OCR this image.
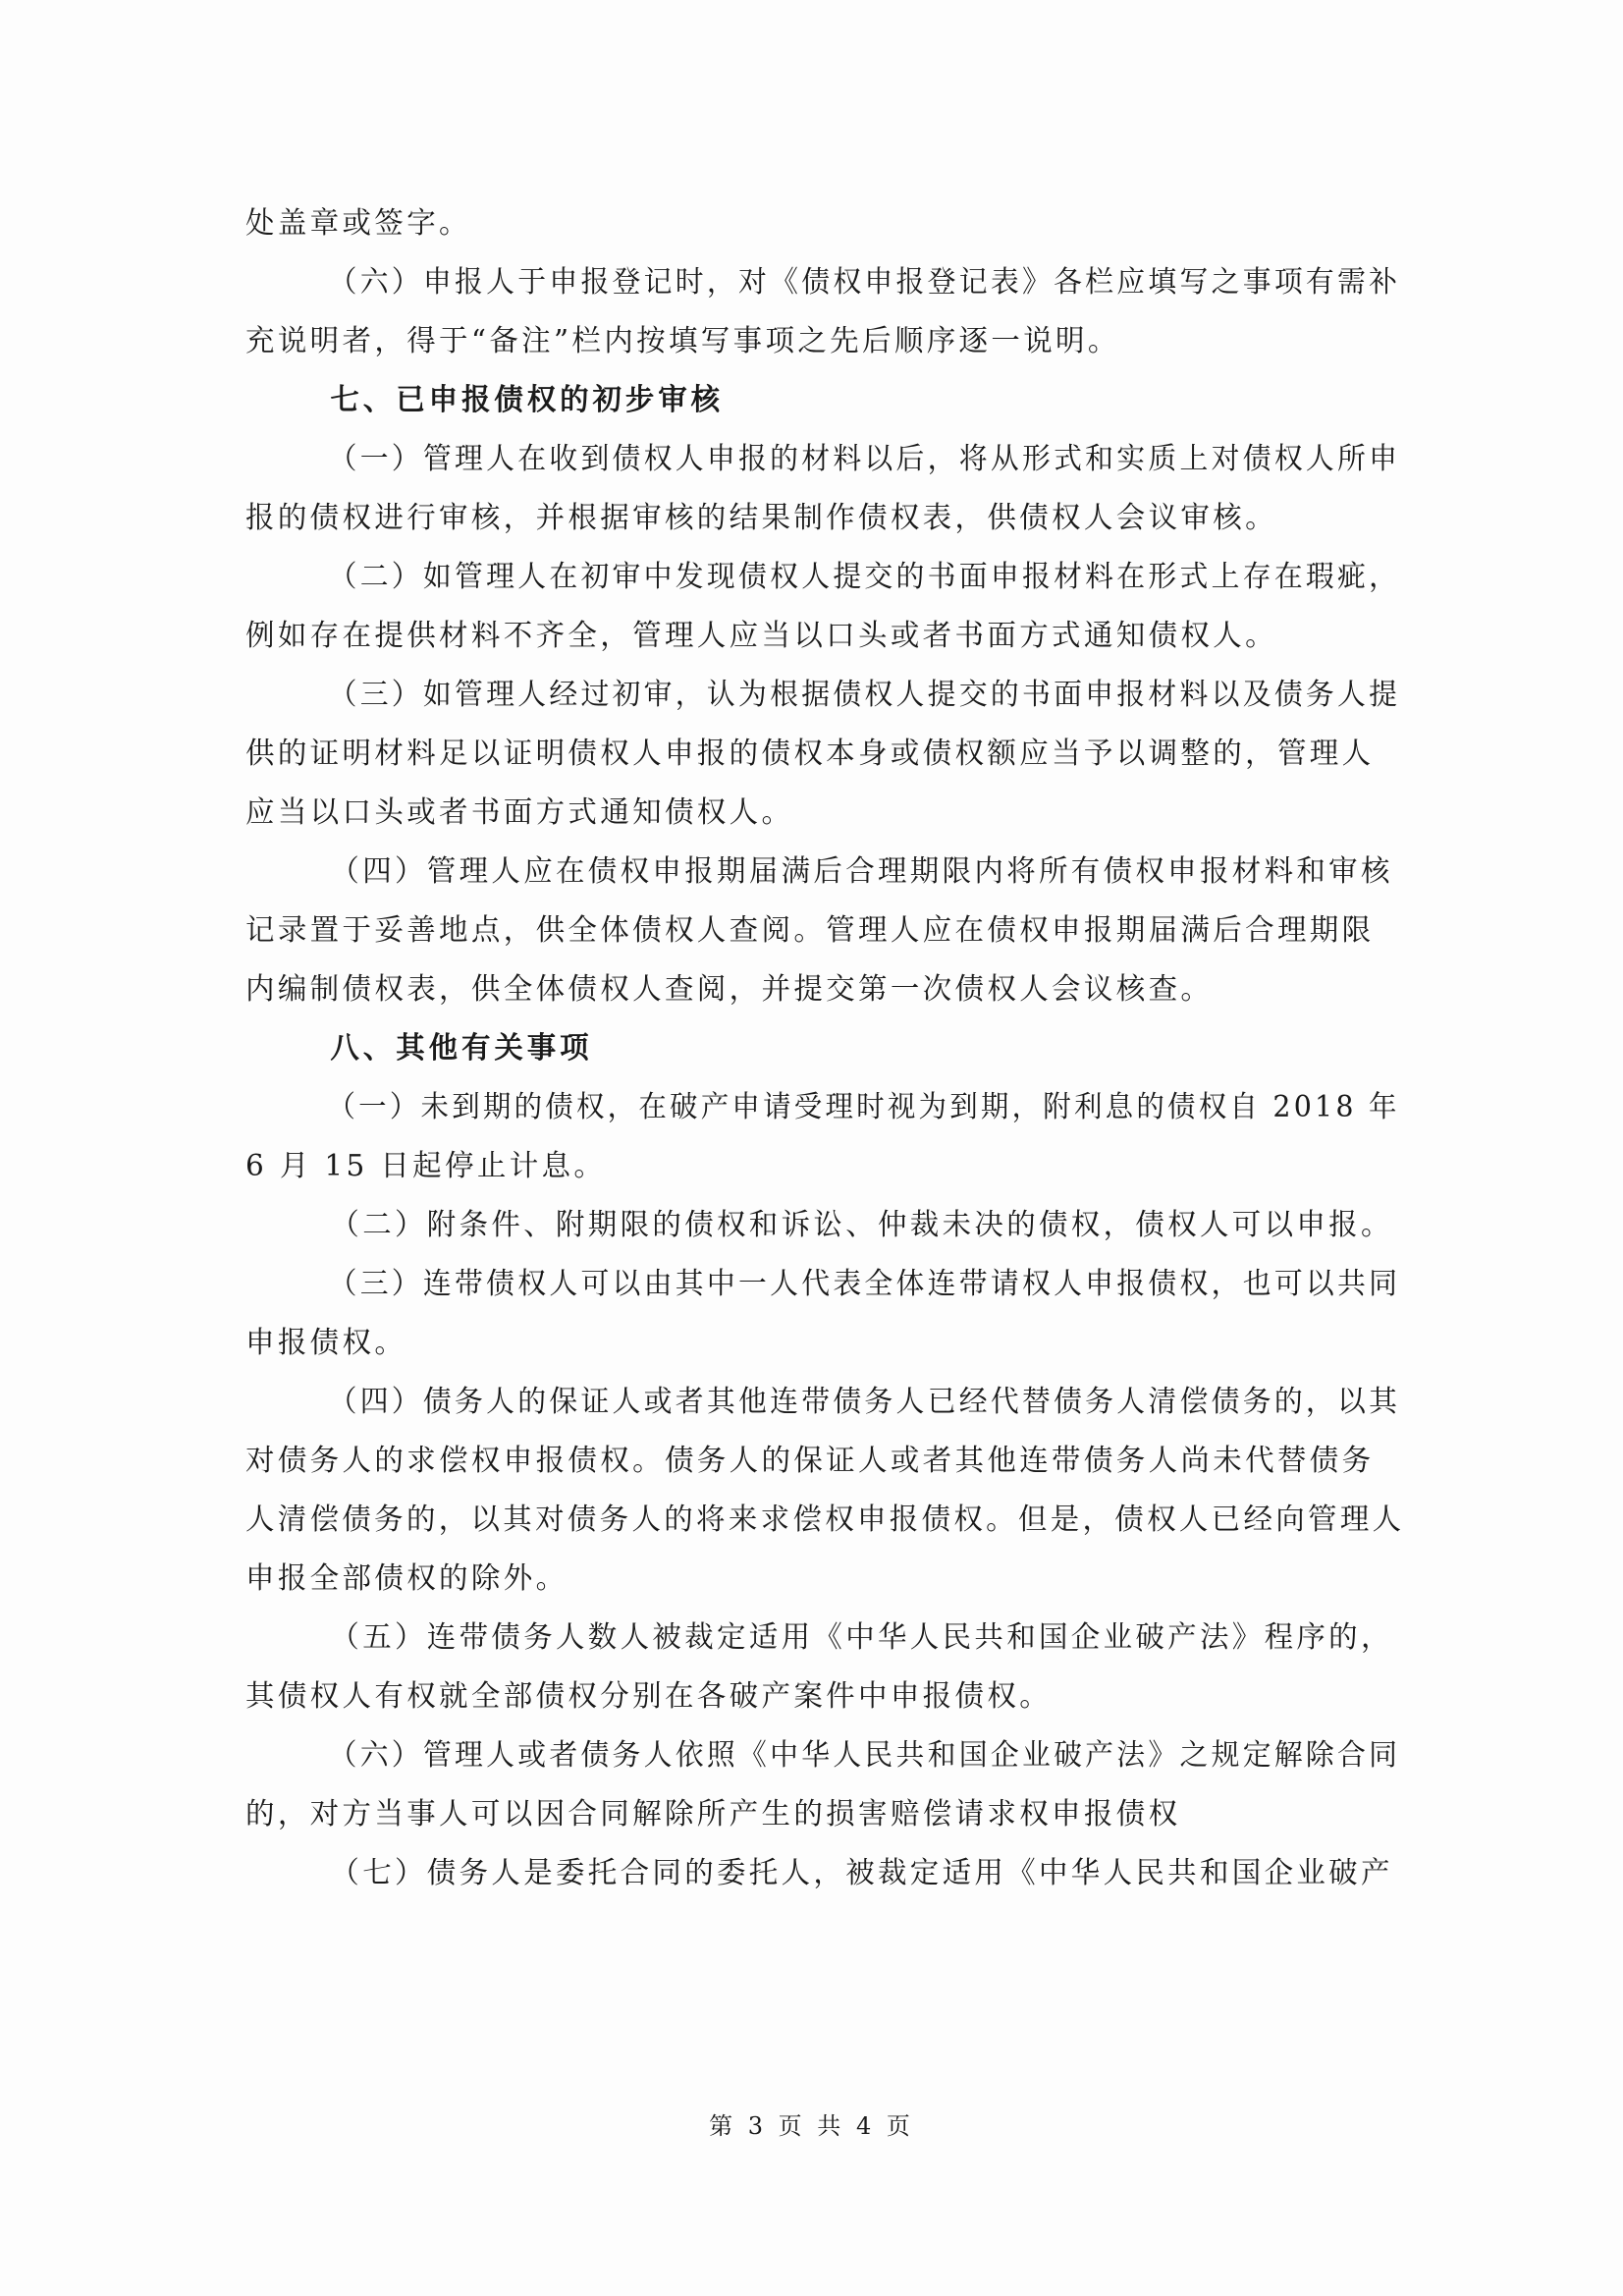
处盖章或签字。
（六）申报人于申报登记时，对《债权申报登记表》各栏应填写之事项有需补
充说明者，得于“备注”栏内按填写事项之先后顺序逐一说明。
七、已申报债权的初步审核
（一）管理人在收到债权人申报的材料以后，将从形式和实质上对债权人所申
报的债权进行审核，并根据审核的结果制作债权表，供债权人会议审核。
（二）如管理人在初审中发现债权人提交的书面申报材料在形式上存在瑕疵，
例如存在提供材料不齐全，管理人应当以口头或者书面方式通知债权人。
（三）如管理人经过初审，认为根据债权人提交的书面申报材料以及债务人提
供的证明材料足以证明债权人申报的债权本身或债权额应当予以调整的，管理人
应当以口头或者书面方式通知债权人。
（四）管理人应在债权申报期届满后合理期限内将所有债权申报材料和审核
记录置于妥善地点，供全体债权人查阅。管理人应在债权申报期届满后合理期限
内编制债权表，供全体债权人查阅，并提交第一次债权人会议核查。
八、其他有关事项
（一）未到期的债权，在破产申请受理时视为到期，附利息的债权自 2018 年
6 月 15 日起停止计息。
（二）附条件、附期限的债权和诉讼、仲裁未决的债权，债权人可以申报。
（三）连带债权人可以由其中一人代表全体连带请权人申报债权，也可以共同
申报债权。
（四）债务人的保证人或者其他连带债务人已经代替债务人清偿债务的，以其
对债务人的求偿权申报债权。债务人的保证人或者其他连带债务人尚未代替债务
人清偿债务的，以其对债务人的将来求偿权申报债权。但是，债权人已经向管理人
申报全部债权的除外。
（五）连带债务人数人被裁定适用《中华人民共和国企业破产法》程序的，
其债权人有权就全部债权分别在各破产案件中申报债权。
（六）管理人或者债务人依照《中华人民共和国企业破产法》之规定解除合同
的，对方当事人可以因合同解除所产生的损害赔偿请求权申报债权
（七）债务人是委托合同的委托人，被裁定适用《中华人民共和国企业破产
第 3 页 共 4 页
